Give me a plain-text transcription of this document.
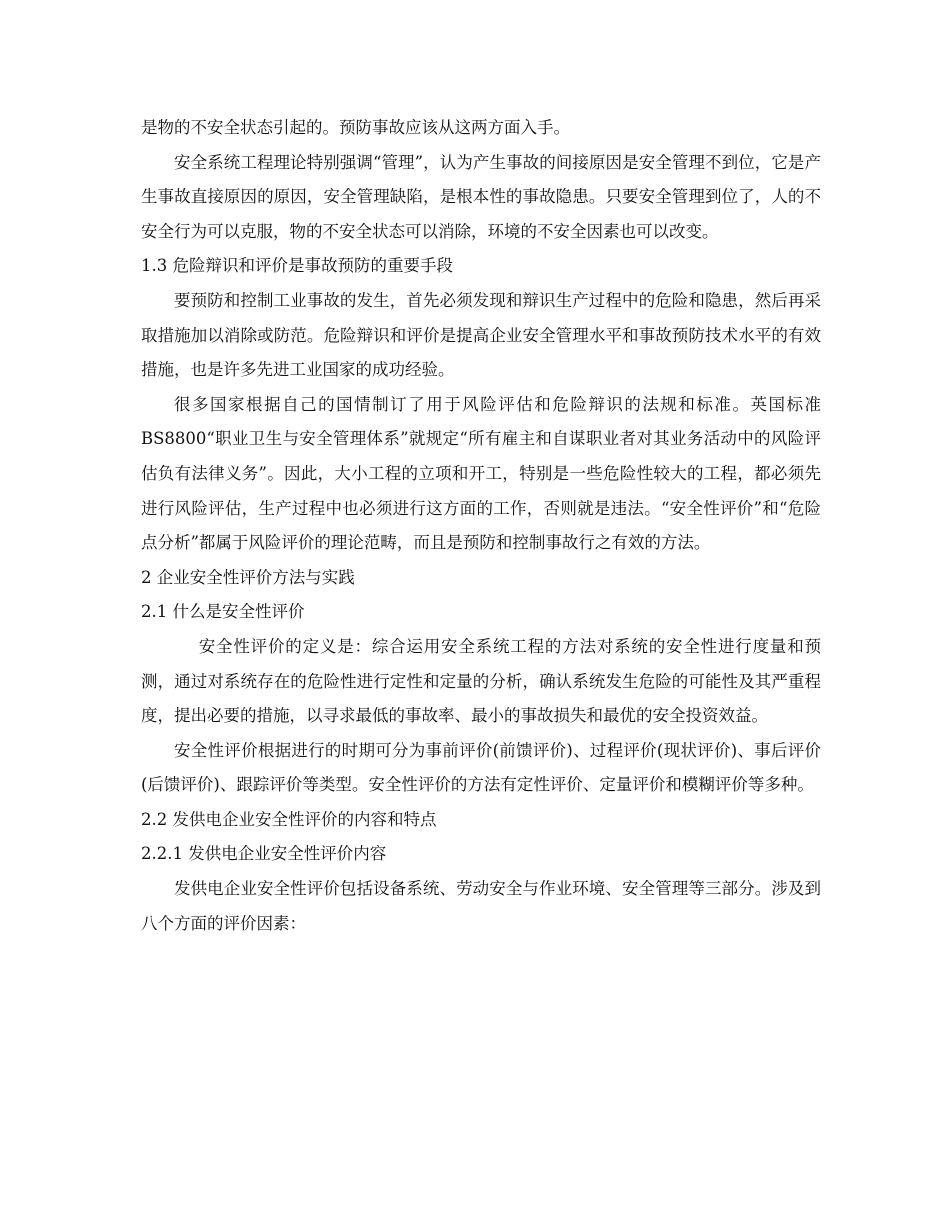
是物的不安全状态引起的。预防事故应该从这两方面入手。

安全系统工程理论特别强调“管理”，认为产生事故的间接原因是安全管理不到位，它是产生事故直接原因的原因，安全管理缺陷，是根本性的事故隐患。只要安全管理到位了，人的不安全行为可以克服，物的不安全状态可以消除，环境的不安全因素也可以改变。

1.3 危险辩识和评价是事故预防的重要手段

要预防和控制工业事故的发生，首先必须发现和辩识生产过程中的危险和隐患，然后再采取措施加以消除或防范。危险辩识和评价是提高企业安全管理水平和事故预防技术水平的有效措施，也是许多先进工业国家的成功经验。

很多国家根据自己的国情制订了用于风险评估和危险辩识的法规和标准。英国标准BS8800“职业卫生与安全管理体系”就规定“所有雇主和自谋职业者对其业务活动中的风险评估负有法律义务”。因此，大小工程的立项和开工，特别是一些危险性较大的工程，都必须先进行风险评估，生产过程中也必须进行这方面的工作，否则就是违法。“安全性评价”和“危险点分析”都属于风险评价的理论范畴，而且是预防和控制事故行之有效的方法。

2 企业安全性评价方法与实践

2.1 什么是安全性评价

安全性评价的定义是：综合运用安全系统工程的方法对系统的安全性进行度量和预测，通过对系统存在的危险性进行定性和定量的分析，确认系统发生危险的可能性及其严重程度，提出必要的措施，以寻求最低的事故率、最小的事故损失和最优的安全投资效益。

安全性评价根据进行的时期可分为事前评价(前馈评价)、过程评价(现状评价)、事后评价(后馈评价)、跟踪评价等类型。安全性评价的方法有定性评价、定量评价和模糊评价等多种。

2.2 发供电企业安全性评价的内容和特点

2.2.1 发供电企业安全性评价内容

发供电企业安全性评价包括设备系统、劳动安全与作业环境、安全管理等三部分。涉及到八个方面的评价因素：
